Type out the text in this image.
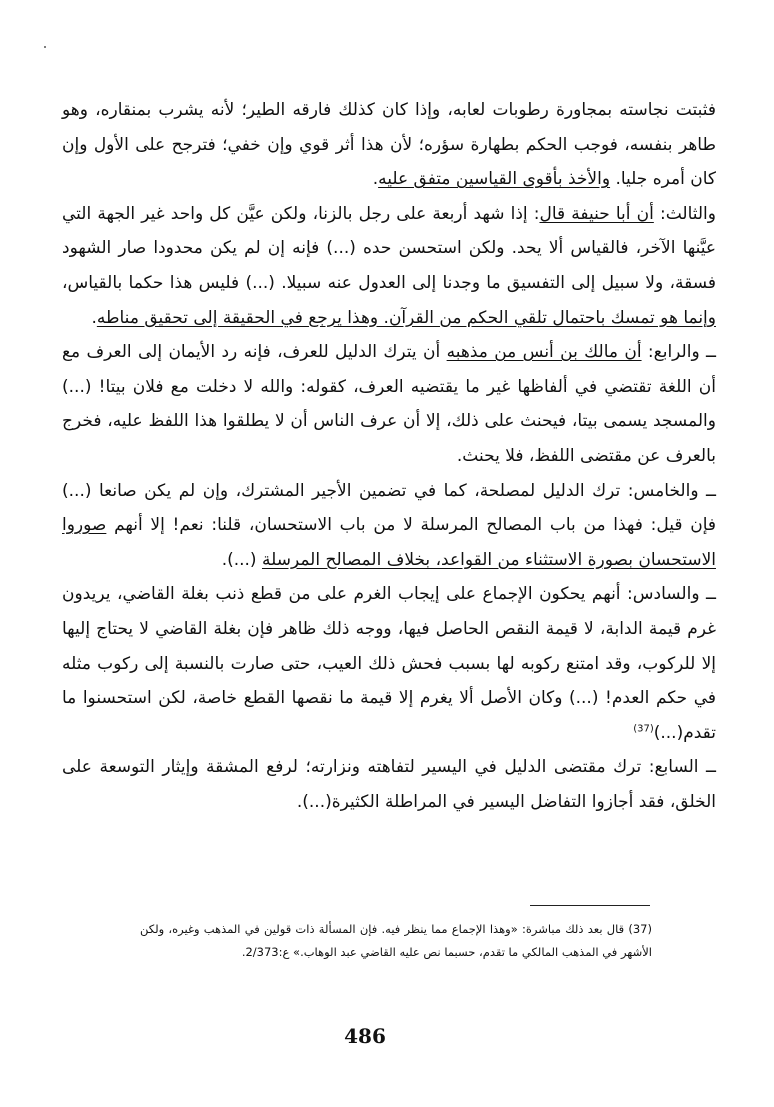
فثبتت نجاسته بمجاورة رطوبات لعابه، وإذا كان كذلك فارقه الطير؛ لأنه يشرب بمنقاره، وهو طاهر بنفسه، فوجب الحكم بطهارة سؤره؛ لأن هذا أثر قوي وإن خفي؛ فترجح على الأول وإن كان أمره جليا. والأخذ بأقوى القياسين متفق عليه.

والثالث: أن أبا حنيفة قال: إذا شهد أربعة على رجل بالزنا، ولكن عيَّن كل واحد غير الجهة التي عيَّنها الآخر، فالقياس ألا يحد. ولكن استحسن حده (...) فإنه إن لم يكن محدودا صار الشهود فسقة، ولا سبيل إلى التفسيق ما وجدنا إلى العدول عنه سبيلا. (...) فليس هذا حكما بالقياس، وإنما هو تمسك باحتمال تلقي الحكم من القرآن. وهذا يرجع في الحقيقة إلى تحقيق مناطه.

ــ والرابع: أن مالك بن أنس من مذهبه أن يترك الدليل للعرف، فإنه رد الأيمان إلى العرف مع أن اللغة تقتضي في ألفاظها غير ما يقتضيه العرف، كقوله: والله لا دخلت مع فلان بيتا! (...) والمسجد يسمى بيتا، فيحنث على ذلك، إلا أن عرف الناس أن لا يطلقوا هذا اللفظ عليه، فخرج بالعرف عن مقتضى اللفظ، فلا يحنث.

ــ والخامس: ترك الدليل لمصلحة، كما في تضمين الأجير المشترك، وإن لم يكن صانعا (...) فإن قيل: فهذا من باب المصالح المرسلة لا من باب الاستحسان، قلنا: نعم! إلا أنهم صوروا الاستحسان بصورة الاستثناء من القواعد، بخلاف المصالح المرسلة (...).

ــ والسادس: أنهم يحكون الإجماع على إيجاب الغرم على من قطع ذنب بغلة القاضي، يريدون غرم قيمة الدابة، لا قيمة النقص الحاصل فيها، ووجه ذلك ظاهر فإن بغلة القاضي لا يحتاج إليها إلا للركوب، وقد امتنع ركوبه لها بسبب فحش ذلك العيب، حتى صارت بالنسبة إلى ركوب مثله في حكم العدم! (...) وكان الأصل ألا يغرم إلا قيمة ما نقصها القطع خاصة، لكن استحسنوا ما تقدم(...)$^{(37)}$

ــ السابع: ترك مقتضى الدليل في اليسير لتفاهته ونزارته؛ لرفع المشقة وإيثار التوسعة على الخلق، فقد أجازوا التفاضل اليسير في المراطلة الكثيرة(...).

(37) قال بعد ذلك مباشرة: «وهذا الإجماع مما ينظر فيه. فإن المسألة ذات قولين في المذهب وغيره، ولكن الأشهر في المذهب المالكي ما تقدم، حسبما نص عليه القاضي عبد الوهاب.» ع:2/373.

486
